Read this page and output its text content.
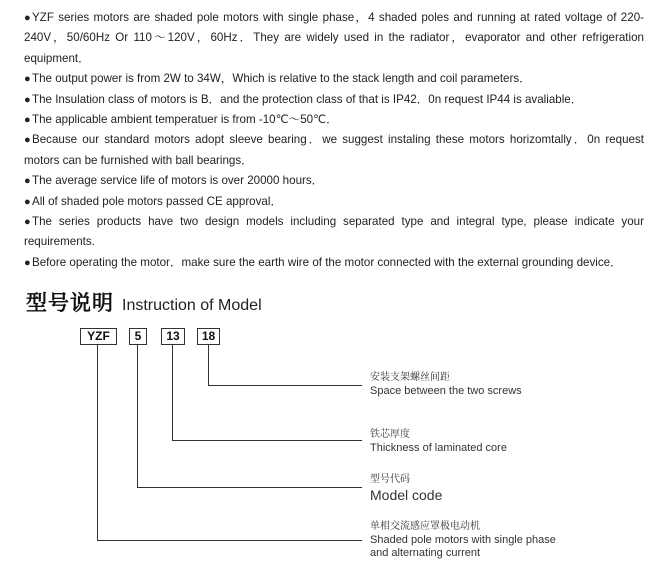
●YZF series motors are shaded pole motors with single phase，4 shaded poles and running at rated voltage of 220-240V，50/60Hz Or 110～120V，60Hz．They are widely used in the radiator，evaporator and other refrigeration equipment．

●The output power is from 2W to 34W，Which is relative to the stack length and coil parameters．

●The Insulation class of motors is B．and the protection class of that is IP42．0n request IP44 is avaliable．

●The applicable ambient temperatuer is from -10℃～50℃．

●Because our standard motors adopt sleeve bearing．we suggest instaling these motors horizomtally．0n request motors can be furnished with ball bearings．

●The average service life of motors is over 20000 hours．

●All of shaded pole motors passed CE approval．

●The series products have two design models including separated type and integral type, please indicate your requirements.

●Before operating the motor．make sure the earth wire of the motor connected with the external grounding device．

型号说明 Instruction of Model
YZF	5	13	18
安装支架螺丝间距
Space between the two screws
铁芯厚度
Thickness of laminated core
型号代码
Model code
单相交流感应罩极电动机
Shaded pole motors with single phase
and alternating current
